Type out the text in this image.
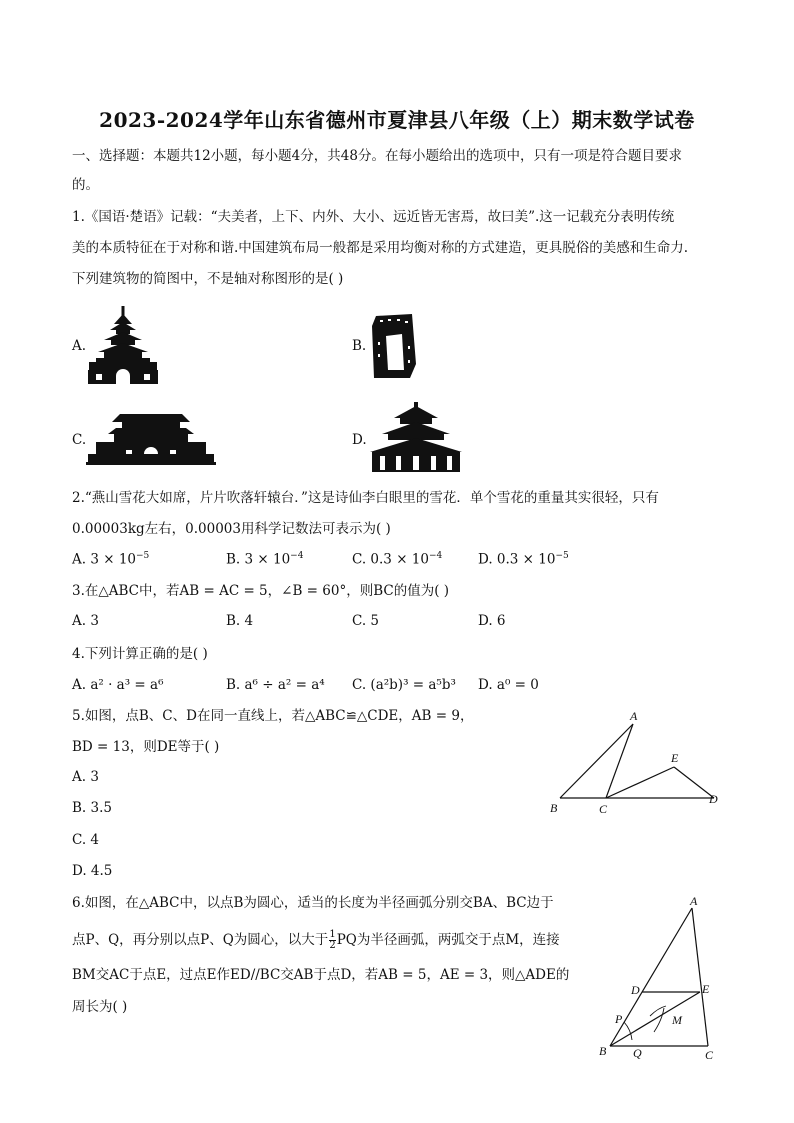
2023-2024学年山东省德州市夏津县八年级（上）期末数学试卷
一、选择题：本题共12小题，每小题4分，共48分。在每小题给出的选项中，只有一项是符合题目要求
的。
1.《国语·楚语》记载：“夫美者，上下、内外、大小、远近皆无害焉，故曰美”.这一记载充分表明传统
美的本质特征在于对称和谐.中国建筑布局一般都是采用均衡对称的方式建造，更具脱俗的美感和生命力.
下列建筑物的简图中，不是轴对称图形的是( )
A.	B.
C.	D.
2.“燕山雪花大如席，片片吹落轩辕台．”这是诗仙李白眼里的雪花．单个雪花的重量其实很轻，只有
0.00003kg左右，0.00003用科学记数法可表示为( )
A. $3 \times 10^{-5}$	B. $3 \times 10^{-4}$	C. $0.3 \times 10^{-4}$	D. $0.3 \times 10^{-5}$
3.在△ABC中，若AB = AC = 5，∠B = 60°，则BC的值为( )
A. 3	B. 4	C. 5	D. 6
4.下列计算正确的是( )
A. a² · a³ = a⁶	B. a⁶ ÷ a² = a⁴ C. (a²b)³ = a⁵b³ D. a⁰ = 0
5.如图，点B、C、D在同一直线上，若△ABC≌△CDE，AB = 9，
BD = 13，则DE等于( )
A. 3
B. 3.5
C. 4
D. 4.5
A
B	C
D
E
6.如图，在△ABC中，以点B为圆心，适当的长度为半径画弧分别交BA、BC边于
点P、Q，再分别以点P、Q为圆心，以大于 $\frac{1}{2}$ PQ为半径画弧，两弧交于点M，连接
BM交AC于点E，过点E作ED//BC交AB于点D，若AB = 5，AE = 3，则△ADE的
周长为( )
A
B	C
D	E
P
Q
M
